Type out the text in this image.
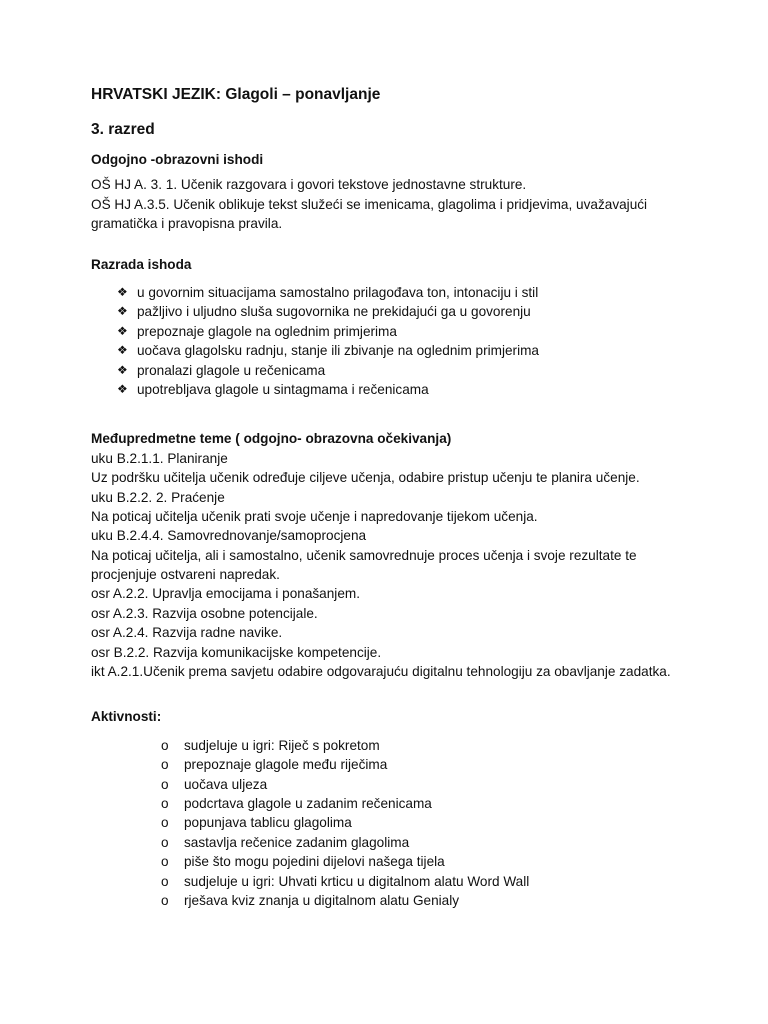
HRVATSKI JEZIK: Glagoli – ponavljanje
3. razred
Odgojno -obrazovni ishodi
OŠ HJ A. 3. 1. Učenik razgovara i govori tekstove jednostavne strukture.
OŠ HJ A.3.5. Učenik oblikuje tekst služeći se imenicama, glagolima i pridjevima, uvažavajući gramatička i pravopisna pravila.
Razrada ishoda
❖ u govornim situacijama samostalno prilagođava ton, intonaciju i stil
❖ pažljivo i uljudno sluša sugovornika ne prekidajući ga u govorenju
❖ prepoznaje glagole na oglednim primjerima
❖ uočava glagolsku radnju, stanje ili zbivanje na oglednim primjerima
❖ pronalazi glagole u rečenicama
❖ upotrebljava glagole u sintagmama i rečenicama
Međupredmetne teme ( odgojno- obrazovna očekivanja)
uku B.2.1.1. Planiranje
Uz podršku učitelja učenik određuje ciljeve učenja, odabire pristup učenju te planira učenje.
uku B.2.2. 2. Praćenje
Na poticaj učitelja učenik prati svoje učenje i napredovanje tijekom učenja.
uku B.2.4.4. Samovrednovanje/samoprocjena
Na poticaj učitelja, ali i samostalno, učenik samovrednuje proces učenja i svoje rezultate te procjenjuje ostvareni napredak.
osr A.2.2. Upravlja emocijama i ponašanjem.
osr A.2.3. Razvija osobne potencijale.
osr A.2.4. Razvija radne navike.
osr B.2.2. Razvija komunikacijske kompetencije.
ikt A.2.1.Učenik prema savjetu odabire odgovarajuću digitalnu tehnologiju za obavljanje zadatka.
Aktivnosti:
o sudjeluje u igri: Riječ s pokretom
o prepoznaje glagole među riječima
o uočava uljeza
o podcrtava glagole u zadanim rečenicama
o popunjava tablicu glagolima
o sastavlja rečenice zadanim glagolima
o piše što mogu pojedini dijelovi našega tijela
o sudjeluje u igri: Uhvati krticu u digitalnom alatu Word Wall
o rješava kviz znanja u digitalnom alatu Genialy
